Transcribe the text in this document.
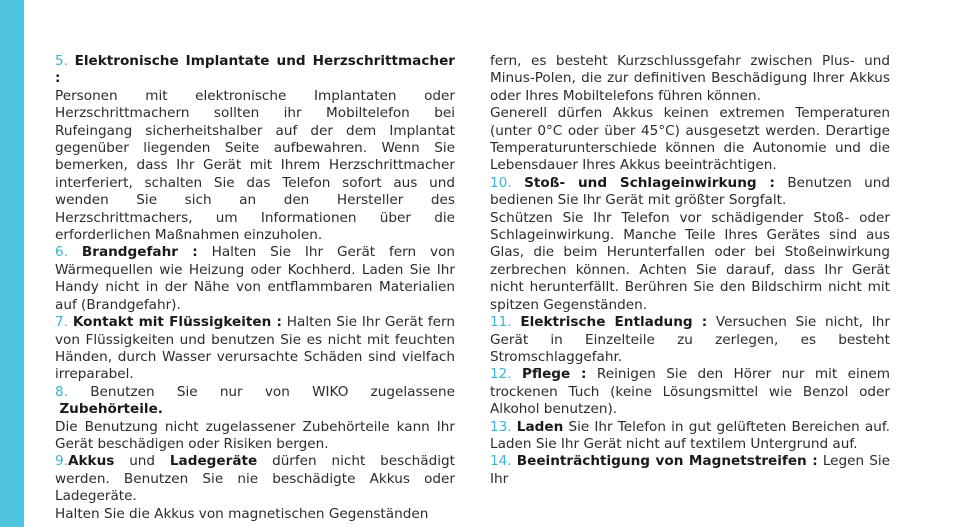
5. Elektronische Implantate und Herzschrittmacher :
Personen mit elektronische Implantaten oder Herzschrittmachern sollten ihr Mobiltelefon bei Rufeingang sicherheitshalber auf der dem Implantat gegenüber liegenden Seite aufbewahren. Wenn Sie bemerken, dass Ihr Gerät mit Ihrem Herzschrittmacher interferiert, schalten Sie das Telefon sofort aus und wenden Sie sich an den Hersteller des Herzschrittmachers, um Informationen über die erforderlichen Maßnahmen einzuholen.

6. Brandgefahr : Halten Sie Ihr Gerät fern von Wärmequellen wie Heizung oder Kochherd. Laden Sie Ihr Handy nicht in der Nähe von entflammbaren Materialien auf (Brandgefahr).

7. Kontakt mit Flüssigkeiten : Halten Sie Ihr Gerät fern von Flüssigkeiten und benutzen Sie es nicht mit feuchten Händen, durch Wasser verursachte Schäden sind vielfach irreparabel.

8. Benutzen Sie nur von WIKO zugelassene Zubehörteile.
Die Benutzung nicht zugelassener Zubehörteile kann Ihr Gerät beschädigen oder Risiken bergen.

9.Akkus und Ladegeräte dürfen nicht beschädigt werden. Benutzen Sie nie beschädigte Akkus oder Ladegeräte.
Halten Sie die Akkus von magnetischen Gegenständen

fern, es besteht Kurzschlussgefahr zwischen Plus- und Minus-Polen, die zur definitiven Beschädigung Ihrer Akkus oder Ihres Mobiltelefons führen können.
Generell dürfen Akkus keinen extremen Temperaturen (unter 0°C oder über 45°C) ausgesetzt werden. Derartige Temperaturunterschiede können die Autonomie und die Lebensdauer Ihres Akkus beeinträchtigen.

10. Stoß- und Schlageinwirkung : Benutzen und bedienen Sie Ihr Gerät mit größter Sorgfalt.
Schützen Sie Ihr Telefon vor schädigender Stoß- oder Schlageinwirkung. Manche Teile Ihres Gerätes sind aus Glas, die beim Herunterfallen oder bei Stoßeinwirkung zerbrechen können. Achten Sie darauf, dass Ihr Gerät nicht herunterfällt. Berühren Sie den Bildschirm nicht mit spitzen Gegenständen.

11. Elektrische Entladung : Versuchen Sie nicht, Ihr Gerät in Einzelteile zu zerlegen, es besteht Stromschlaggefahr.

12. Pflege : Reinigen Sie den Hörer nur mit einem trockenen Tuch (keine Lösungsmittel wie Benzol oder Alkohol benutzen).

13. Laden Sie Ihr Telefon in gut gelüfteten Bereichen auf. Laden Sie Ihr Gerät nicht auf textilem Untergrund auf.

14. Beeinträchtigung von Magnetstreifen : Legen Sie Ihr
